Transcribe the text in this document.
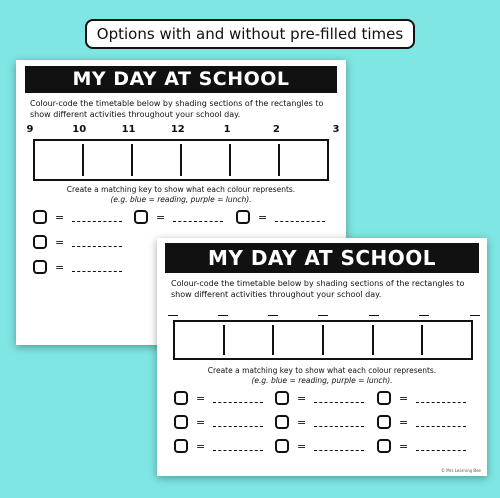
Options with and without pre-filled times
MY DAY AT SCHOOL
Colour-code the timetable below by shading sections of the rectangles to show different activities throughout your school day.
9	10	11	12	1	2	3
Create a matching key to show what each colour represents.
(e.g. blue = reading, purple = lunch).
=
=
=
=	=
MY DAY AT SCHOOL
Colour-code the timetable below by shading sections of the rectangles to show different activities throughout your school day.
Create a matching key to show what each colour represents.
(e.g. blue = reading, purple = lunch).
=
=
=
=
=
=
=
=
=
© Mrs Learning Bee
